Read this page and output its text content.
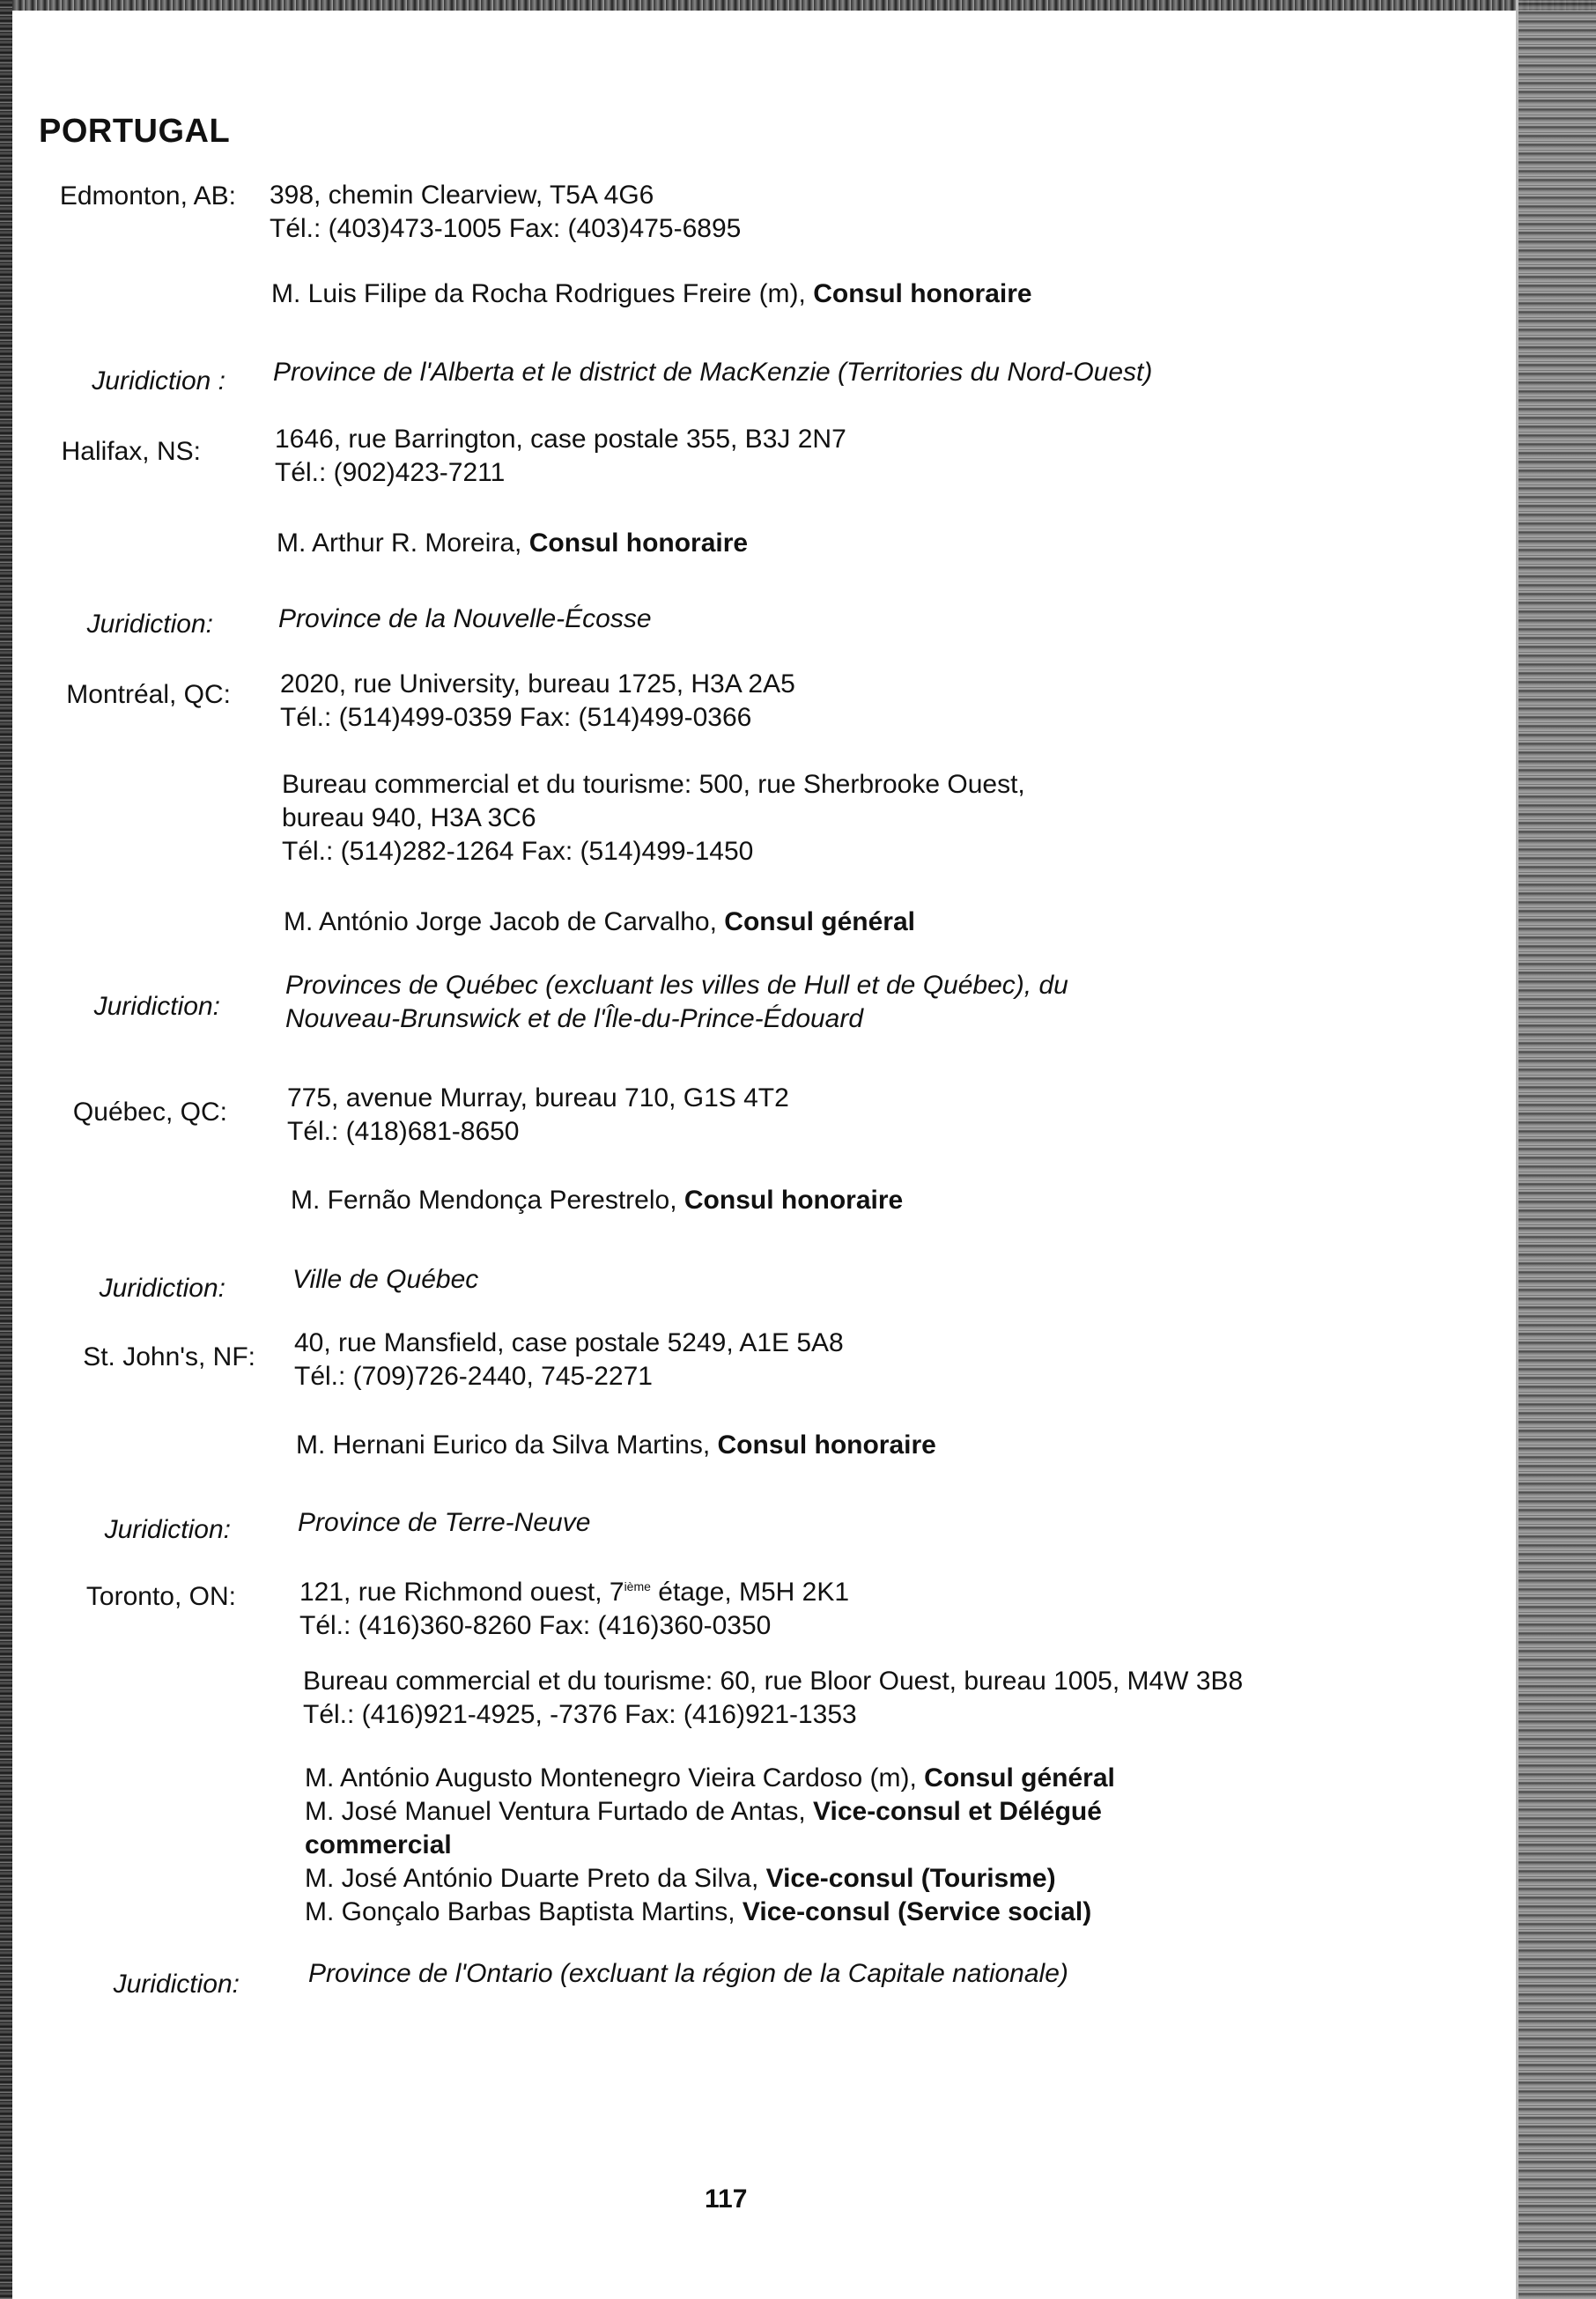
PORTUGAL
Edmonton, AB: 398, chemin Clearview, T5A 4G6
Tél.: (403)473-1005 Fax: (403)475-6895
M. Luis Filipe da Rocha Rodrigues Freire (m), Consul honoraire
Juridiction : Province de l'Alberta et le district de MacKenzie (Territories du Nord-Ouest)
Halifax, NS:	1646, rue Barrington, case postale 355, B3J 2N7
Tél.: (902)423-7211
M. Arthur R. Moreira, Consul honoraire
Juridiction: Province de la Nouvelle-Écosse
Montréal, QC: 2020, rue University, bureau 1725, H3A 2A5
Tél.: (514)499-0359 Fax: (514)499-0366
Bureau commercial et du tourisme: 500, rue Sherbrooke Ouest,
bureau 940, H3A 3C6
Tél.: (514)282-1264 Fax: (514)499-1450
M. António Jorge Jacob de Carvalho, Consul général
Juridiction:
Provinces de Québec (excluant les villes de Hull et de Québec), du
Nouveau-Brunswick et de l'Île-du-Prince-Édouard
Québec, QC: 775, avenue Murray, bureau 710, G1S 4T2
Tél.: (418)681-8650
M. Fernão Mendonça Perestrelo, Consul honoraire
Juridiction:	Ville de Québec
St. John's, NF: 40, rue Mansfield, case postale 5249, A1E 5A8
Tél.: (709)726-2440, 745-2271
M. Hernani Eurico da Silva Martins, Consul honoraire
Juridiction:	Province de Terre-Neuve
Toronto, ON: 121, rue Richmond ouest, 7ième étage, M5H 2K1
Tél.: (416)360-8260 Fax: (416)360-0350
Bureau commercial et du tourisme: 60, rue Bloor Ouest, bureau 1005, M4W 3B8
Tél.: (416)921-4925, -7376 Fax: (416)921-1353
M. António Augusto Montenegro Vieira Cardoso (m), Consul général
M. José Manuel Ventura Furtado de Antas, Vice-consul et Délégué
commercial
M. José António Duarte Preto da Silva, Vice-consul (Tourisme)
M. Gonçalo Barbas Baptista Martins, Vice-consul (Service social)
Juridiction:	Province de l'Ontario (excluant la région de la Capitale nationale)
117
